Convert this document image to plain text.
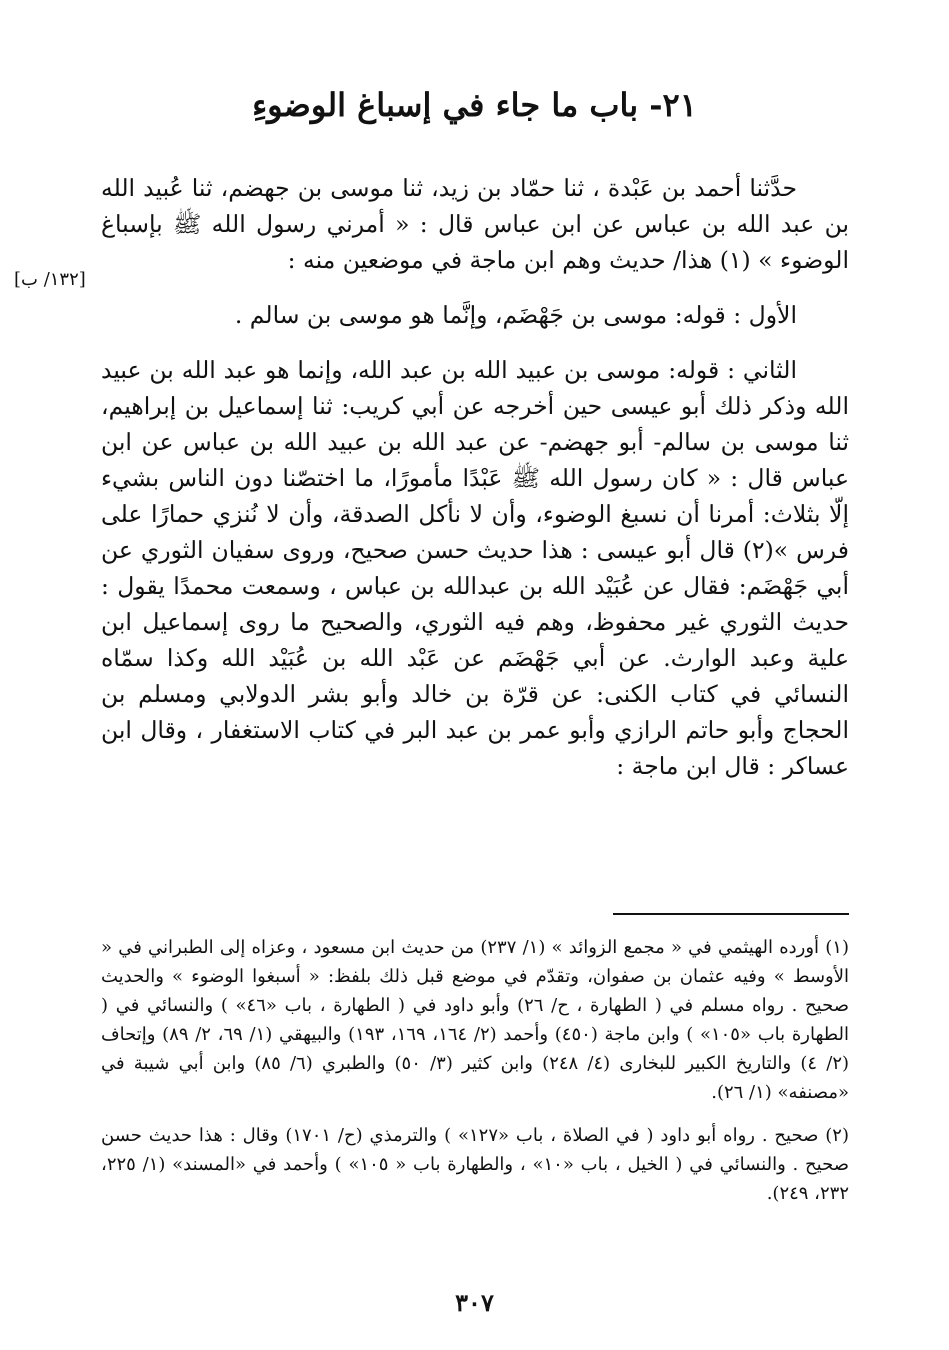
٢١- باب ما جاء في إسباغ الوضوءِ
[١٣٢/ ب]

حدَّثنا أحمد بن عَبْدة ، ثنا حمّاد بن زيد، ثنا موسى بن جهضم، ثنا عُبيد الله بن عبد الله بن عباس عن ابن عباس قال : « أمرني رسول الله ﷺ بإسباغ الوضوء » (١) هذا/ حديث وهم ابن ماجة في موضعين منه :

الأول : قوله: موسى بن جَهْضَم، وإنَّما هو موسى بن سالم .

الثاني : قوله: موسى بن عبيد الله بن عبد الله، وإنما هو عبد الله بن عبيد الله وذكر ذلك أبو عيسى حين أخرجه عن أبي كريب: ثنا إسماعيل بن إبراهيم، ثنا موسى بن سالم- أبو جهضم- عن عبد الله بن عبيد الله بن عباس عن ابن عباس قال : « كان رسول الله ﷺ عَبْدًا مأمورًا، ما اختصّنا دون الناس بشيء إلّا بثلاث: أمرنا أن نسبغ الوضوء، وأن لا نأكل الصدقة، وأن لا نُنزي حمارًا على فرس »(٢) قال أبو عيسى : هذا حديث حسن صحيح، وروى سفيان الثوري عن أبي جَهْضَم: فقال عن عُبَيْد الله بن عبدالله بن عباس ، وسمعت محمدًا يقول : حديث الثوري غير محفوظ، وهم فيه الثوري، والصحيح ما روى إسماعيل ابن علية وعبد الوارث. عن أبي جَهْضَم عن عَبْد الله بن عُبَيْد الله وكذا سمّاه النسائي في كتاب الكنى: عن قرّة بن خالد وأبو بشر الدولابي ومسلم بن الحجاج وأبو حاتم الرازي وأبو عمر بن عبد البر في كتاب الاستغفار ، وقال ابن عساكر : قال ابن ماجة :

(١) أورده الهيثمي في « مجمع الزوائد » (١/ ٢٣٧) من حديث ابن مسعود ، وعزاه إلى الطبراني في « الأوسط » وفيه عثمان بن صفوان، وتقدّم في موضع قبل ذلك بلفظ: « أسبغوا الوضوء » والحديث صحيح . رواه مسلم في ( الطهارة ، ح/ ٢٦) وأبو داود في ( الطهارة ، باب «٤٦» ) والنسائي في ( الطهارة باب «١٠٥» ) وابن ماجة (٤٥٠) وأحمد (٢/ ١٦٤، ١٦٩، ١٩٣) والبيهقي (١/ ٦٩، ٢/ ٨٩) وإتحاف (٢/ ٤) والتاريخ الكبير للبخارى (٤/ ٢٤٨) وابن كثير (٣/ ٥٠) والطبري (٦/ ٨٥) وابن أبي شيبة في «مصنفه» (١/ ٢٦).

(٢) صحيح . رواه أبو داود ( في الصلاة ، باب «١٢٧» ) والترمذي (ح/ ١٧٠١) وقال : هذا حديث حسن صحيح . والنسائي في ( الخيل ، باب «١٠» ، والطهارة باب « ١٠٥» ) وأحمد في «المسند» (١/ ٢٢٥، ٢٣٢، ٢٤٩).

٣٠٧
